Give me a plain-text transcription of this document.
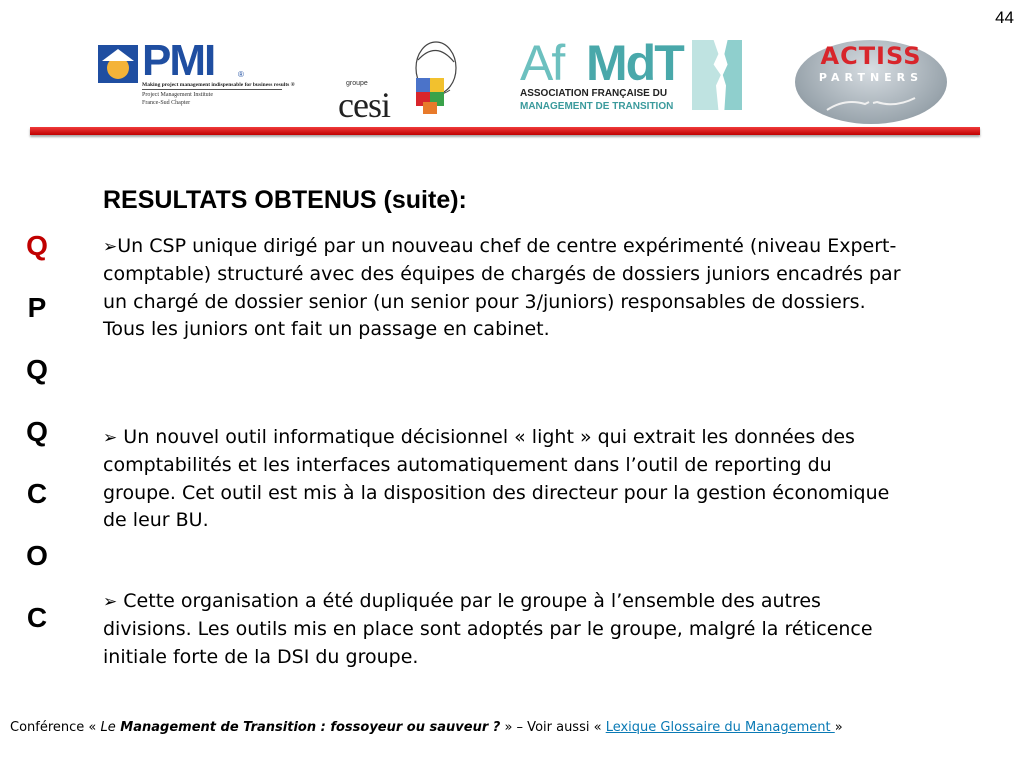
44
PMI	®
Making project management indispensable for business results ®
Project Management Institute
France-Sud Chapter
groupe
cesi
Af MdT
ASSOCIATION FRANÇAISE DU
MANAGEMENT DE TRANSITION
ACTISS
PARTNERS
Q
P
Q
Q
C
O
C
RESULTATS OBTENUS (suite):

➢Un CSP unique dirigé par un nouveau chef de centre expérimenté (niveau Expert-comptable) structuré avec des équipes de chargés de dossiers juniors encadrés par un chargé de dossier senior (un senior pour 3/juniors) responsables de dossiers. Tous les juniors ont fait un passage en cabinet.

➢ Un nouvel outil informatique décisionnel « light » qui extrait les données des comptabilités et les interfaces automatiquement dans l’outil de reporting du groupe. Cet outil est mis à la disposition des directeur pour la gestion économique de leur BU.

➢ Cette organisation a été dupliquée par le groupe à l’ensemble des autres divisions. Les outils mis en place sont adoptés par le groupe, malgré la réticence initiale forte de la DSI du groupe.

Conférence « Le Management de Transition : fossoyeur ou sauveur ? » – Voir aussi « Lexique Glossaire du Management »
